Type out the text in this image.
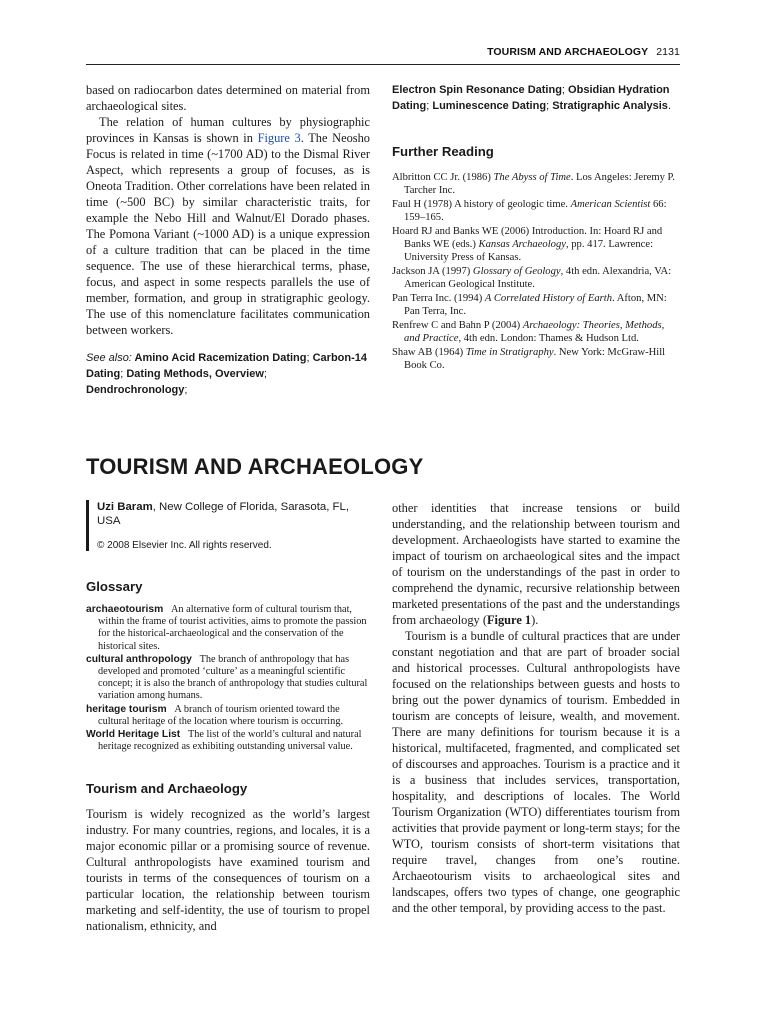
TOURISM AND ARCHAEOLOGY 2131

based on radiocarbon dates determined on material from archaeological sites.

The relation of human cultures by physiographic provinces in Kansas is shown in Figure 3. The Neosho Focus is related in time (~1700 AD) to the Dismal River Aspect, which represents a group of focuses, as is Oneota Tradition. Other correlations have been related in time (~500 BC) by similar characteristic traits, for example the Nebo Hill and Walnut/El Dorado phases. The Pomona Variant (~1000 AD) is a unique expression of a culture tradition that can be placed in the time sequence. The use of these hierarchical terms, phase, focus, and aspect in some respects parallels the use of member, formation, and group in stratigraphic geology. The use of this nomenclature facilitates communication between workers.

See also: Amino Acid Racemization Dating; Carbon-14 Dating; Dating Methods, Overview; Dendrochronology;
Electron Spin Resonance Dating; Obsidian Hydration Dating; Luminescence Dating; Stratigraphic Analysis.
Further Reading

Albritton CC Jr. (1986) The Abyss of Time. Los Angeles: Jeremy P. Tarcher Inc.

Faul H (1978) A history of geologic time. American Scientist 66: 159–165.

Hoard RJ and Banks WE (2006) Introduction. In: Hoard RJ and Banks WE (eds.) Kansas Archaeology, pp. 417. Lawrence: University Press of Kansas.

Jackson JA (1997) Glossary of Geology, 4th edn. Alexandria, VA: American Geological Institute.

Pan Terra Inc. (1994) A Correlated History of Earth. Afton, MN: Pan Terra, Inc.

Renfrew C and Bahn P (2004) Archaeology: Theories, Methods, and Practice, 4th edn. London: Thames & Hudson Ltd.

Shaw AB (1964) Time in Stratigraphy. New York: McGraw-Hill Book Co.

TOURISM AND ARCHAEOLOGY
Uzi Baram, New College of Florida, Sarasota, FL, USA
© 2008 Elsevier Inc. All rights reserved.
Glossary

archaeotourism An alternative form of cultural tourism that, within the frame of tourist activities, aims to promote the passion for the historical-archaeological and the conservation of the historical sites.

cultural anthropology The branch of anthropology that has developed and promoted ‘culture’ as a meaningful scientific concept; it is also the branch of anthropology that studies cultural variation among humans.

heritage tourism A branch of tourism oriented toward the cultural heritage of the location where tourism is occurring.

World Heritage List The list of the world’s cultural and natural heritage recognized as exhibiting outstanding universal value.

Tourism and Archaeology

Tourism is widely recognized as the world’s largest industry. For many countries, regions, and locales, it is a major economic pillar or a promising source of revenue. Cultural anthropologists have examined tourism and tourists in terms of the consequences of tourism on a particular location, the relationship between tourism marketing and self-identity, the use of tourism to propel nationalism, ethnicity, and

other identities that increase tensions or build understanding, and the relationship between tourism and development. Archaeologists have started to examine the impact of tourism on archaeological sites and the impact of tourism on the understandings of the past in order to comprehend the dynamic, recursive relationship between marketed presentations of the past and the understandings from archaeology (Figure 1).

Tourism is a bundle of cultural practices that are under constant negotiation and that are part of broader social and historical processes. Cultural anthropologists have focused on the relationships between guests and hosts to bring out the power dynamics of tourism. Embedded in tourism are concepts of leisure, wealth, and movement. There are many definitions for tourism because it is a historical, multifaceted, fragmented, and complicated set of discourses and approaches. Tourism is a practice and it is a business that includes services, transportation, hospitality, and descriptions of locales. The World Tourism Organization (WTO) differentiates tourism from activities that provide payment or long-term stays; for the WTO, tourism consists of short-term visitations that require travel, changes from one’s routine. Archaeotourism visits to archaeological sites and landscapes, offers two types of change, one geographic and the other temporal, by providing access to the past.
